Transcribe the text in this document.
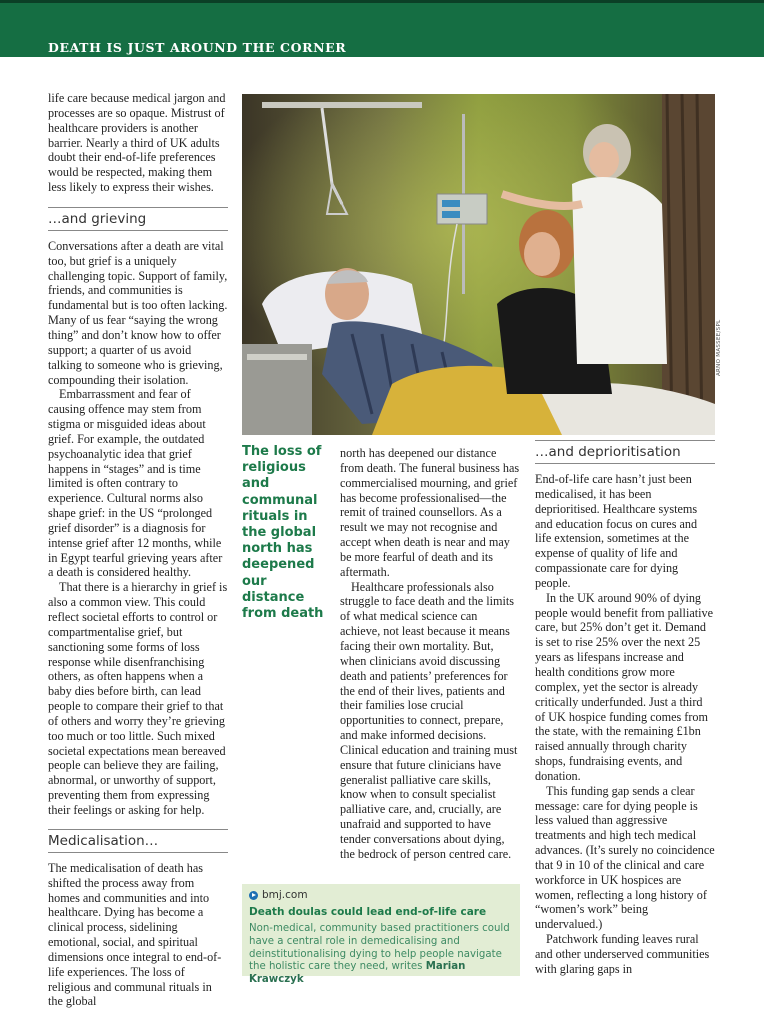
DEATH IS JUST AROUND THE CORNER

life care because medical jargon and processes are so opaque. Mistrust of healthcare providers is another barrier. Nearly a third of UK adults doubt their end-of-life preferences would be respected, making them less likely to express their wishes.

…and grieving

Conversations after a death are vital too, but grief is a uniquely challenging topic. Support of family, friends, and communities is fundamental but is too often lacking. Many of us fear “saying the wrong thing” and don’t know how to offer support; a quarter of us avoid talking to someone who is grieving, compounding their isolation.

Embarrassment and fear of causing offence may stem from stigma or misguided ideas about grief. For example, the outdated psychoanalytic idea that grief happens in “stages” and is time limited is often contrary to experience. Cultural norms also shape grief: in the US “prolonged grief disorder” is a diagnosis for intense grief after 12 months, while in Egypt tearful grieving years after a death is considered healthy.

That there is a hierarchy in grief is also a common view. This could reflect societal efforts to control or compartmentalise grief, but sanctioning some forms of loss response while disenfranchising others, as often happens when a baby dies before birth, can lead people to compare their grief to that of others and worry they’re grieving too much or too little. Such mixed societal expectations mean bereaved people can believe they are failing, abnormal, or unworthy of support, preventing them from expressing their feelings or asking for help.

Medicalisation…

The medicalisation of death has shifted the process away from homes and communities and into healthcare. Dying has become a clinical process, sidelining emotional, social, and spiritual dimensions once integral to end-of-life experiences. The loss of religious and communal rituals in the global

ARNO MASSEE/SPL
The loss of religious and communal rituals in the global north has deepened our distance from death

north has deepened our distance from death. The funeral business has commercialised mourning, and grief has become professionalised—the remit of trained counsellors. As a result we may not recognise and accept when death is near and may be more fearful of death and its aftermath.

Healthcare professionals also struggle to face death and the limits of what medical science can achieve, not least because it means facing their own mortality. But, when clinicians avoid discussing death and patients’ preferences for the end of their lives, patients and their families lose crucial opportunities to connect, prepare, and make informed decisions. Clinical education and training must ensure that future clinicians have generalist palliative care skills, know when to consult specialist palliative care, and, crucially, are unafraid and supported to have tender conversations about dying, the bedrock of person centred care.

bmj.com
Death doulas could lead end-of-life care
Non-medical, community based practitioners could have a central role in demedicalising and deinstitutionalising dying to help people navigate the holistic care they need, writes Marian Krawczyk
…and deprioritisation

End-of-life care hasn’t just been medicalised, it has been deprioritised. Healthcare systems and education focus on cures and life extension, sometimes at the expense of quality of life and compassionate care for dying people.

In the UK around 90% of dying people would benefit from palliative care, but 25% don’t get it. Demand is set to rise 25% over the next 25 years as lifespans increase and health conditions grow more complex, yet the sector is already critically underfunded. Just a third of UK hospice funding comes from the state, with the remaining £1bn raised annually through charity shops, fundraising events, and donation.

This funding gap sends a clear message: care for dying people is less valued than aggressive treatments and high tech medical advances. (It’s surely no coincidence that 9 in 10 of the clinical and care workforce in UK hospices are women, reflecting a long history of “women’s work” being undervalued.)

Patchwork funding leaves rural and other underserved communities with glaring gaps in
